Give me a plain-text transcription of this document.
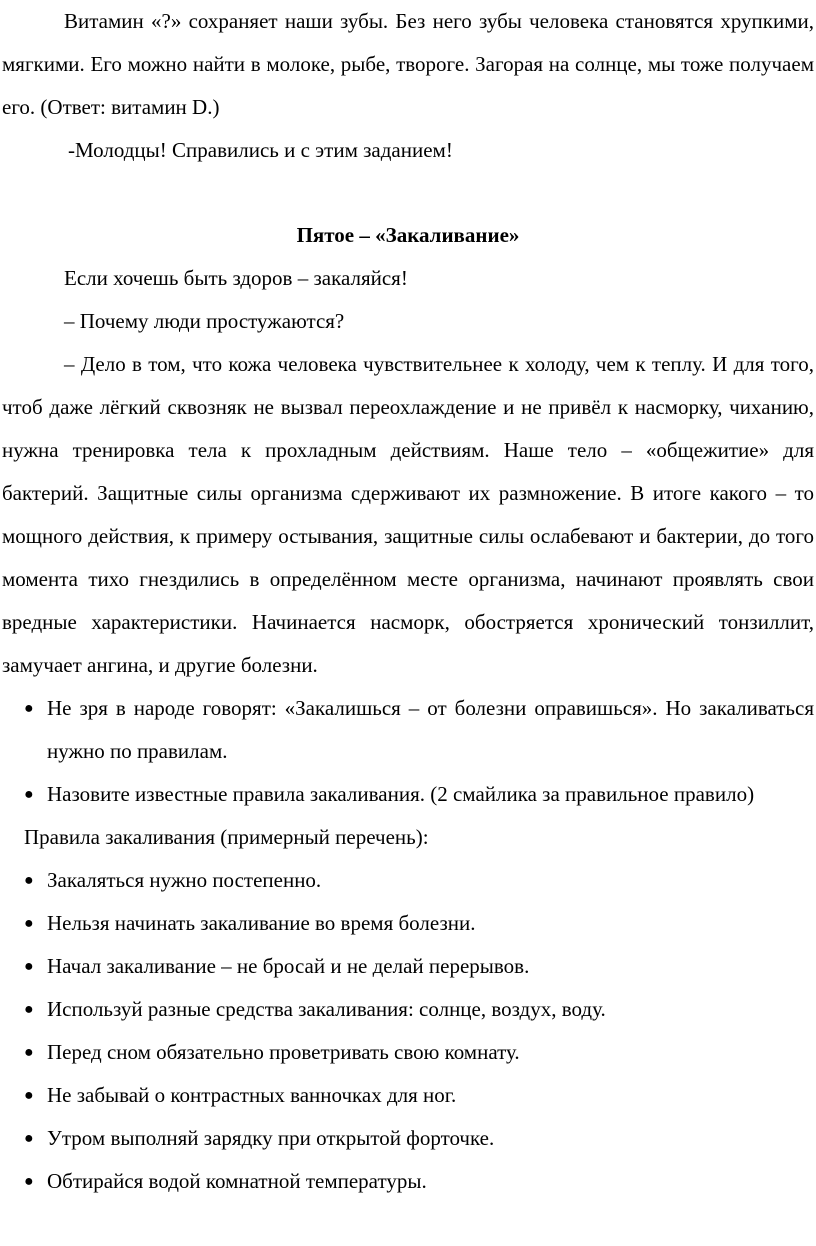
Витамин «?» сохраняет наши зубы. Без него зубы человека становятся хрупкими, мягкими. Его можно найти в молоке, рыбе, твороге. Загорая на солнце, мы тоже получаем его. (Ответ: витамин D.)

-Молодцы! Справились и с этим заданием!

Пятое – «Закаливание»

Если хочешь быть здоров – закаляйся!

– Почему люди простужаются?

– Дело в том, что кожа человека чувствительнее к холоду, чем к теплу. И для того, чтоб даже лёгкий сквозняк не вызвал переохлаждение и не привёл к насморку, чиханию, нужна тренировка тела к прохладным действиям. Наше тело – «общежитие» для бактерий. Защитные силы организма сдерживают их размножение. В итоге какого – то мощного действия, к примеру остывания, защитные силы ослабевают и бактерии, до того момента тихо гнездились в определённом месте организма, начинают проявлять свои вредные характеристики. Начинается насморк, обостряется хронический тонзиллит, замучает ангина, и другие болезни.

● Не зря в народе говорят: «Закалишься – от болезни оправишься». Но закаливаться нужно по правилам.
● Назовите известные правила закаливания. (2 смайлика за правильное правило)

Правила закаливания (примерный перечень):

● Закаляться нужно постепенно.
● Нельзя начинать закаливание во время болезни.
● Начал закаливание – не бросай и не делай перерывов.
● Используй разные средства закаливания: солнце, воздух, воду.
● Перед сном обязательно проветривать свою комнату.
● Не забывай о контрастных ванночках для ног.
● Утром выполняй зарядку при открытой форточке.
● Обтирайся водой комнатной температуры.
